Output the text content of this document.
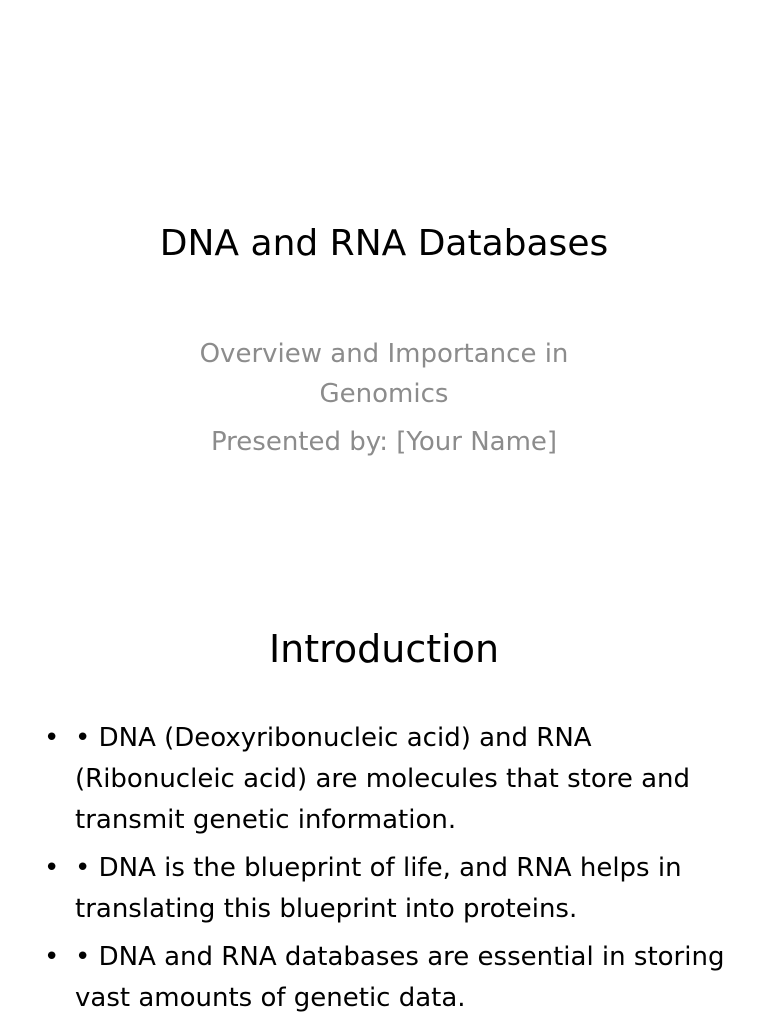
DNA and RNA Databases
Overview and Importance in Genomics
Presented by: [Your Name]
Introduction
• • DNA (Deoxyribonucleic acid) and RNA (Ribonucleic acid) are molecules that store and transmit genetic information.
• • DNA is the blueprint of life, and RNA helps in translating this blueprint into proteins.
• • DNA and RNA databases are essential in storing vast amounts of genetic data.
